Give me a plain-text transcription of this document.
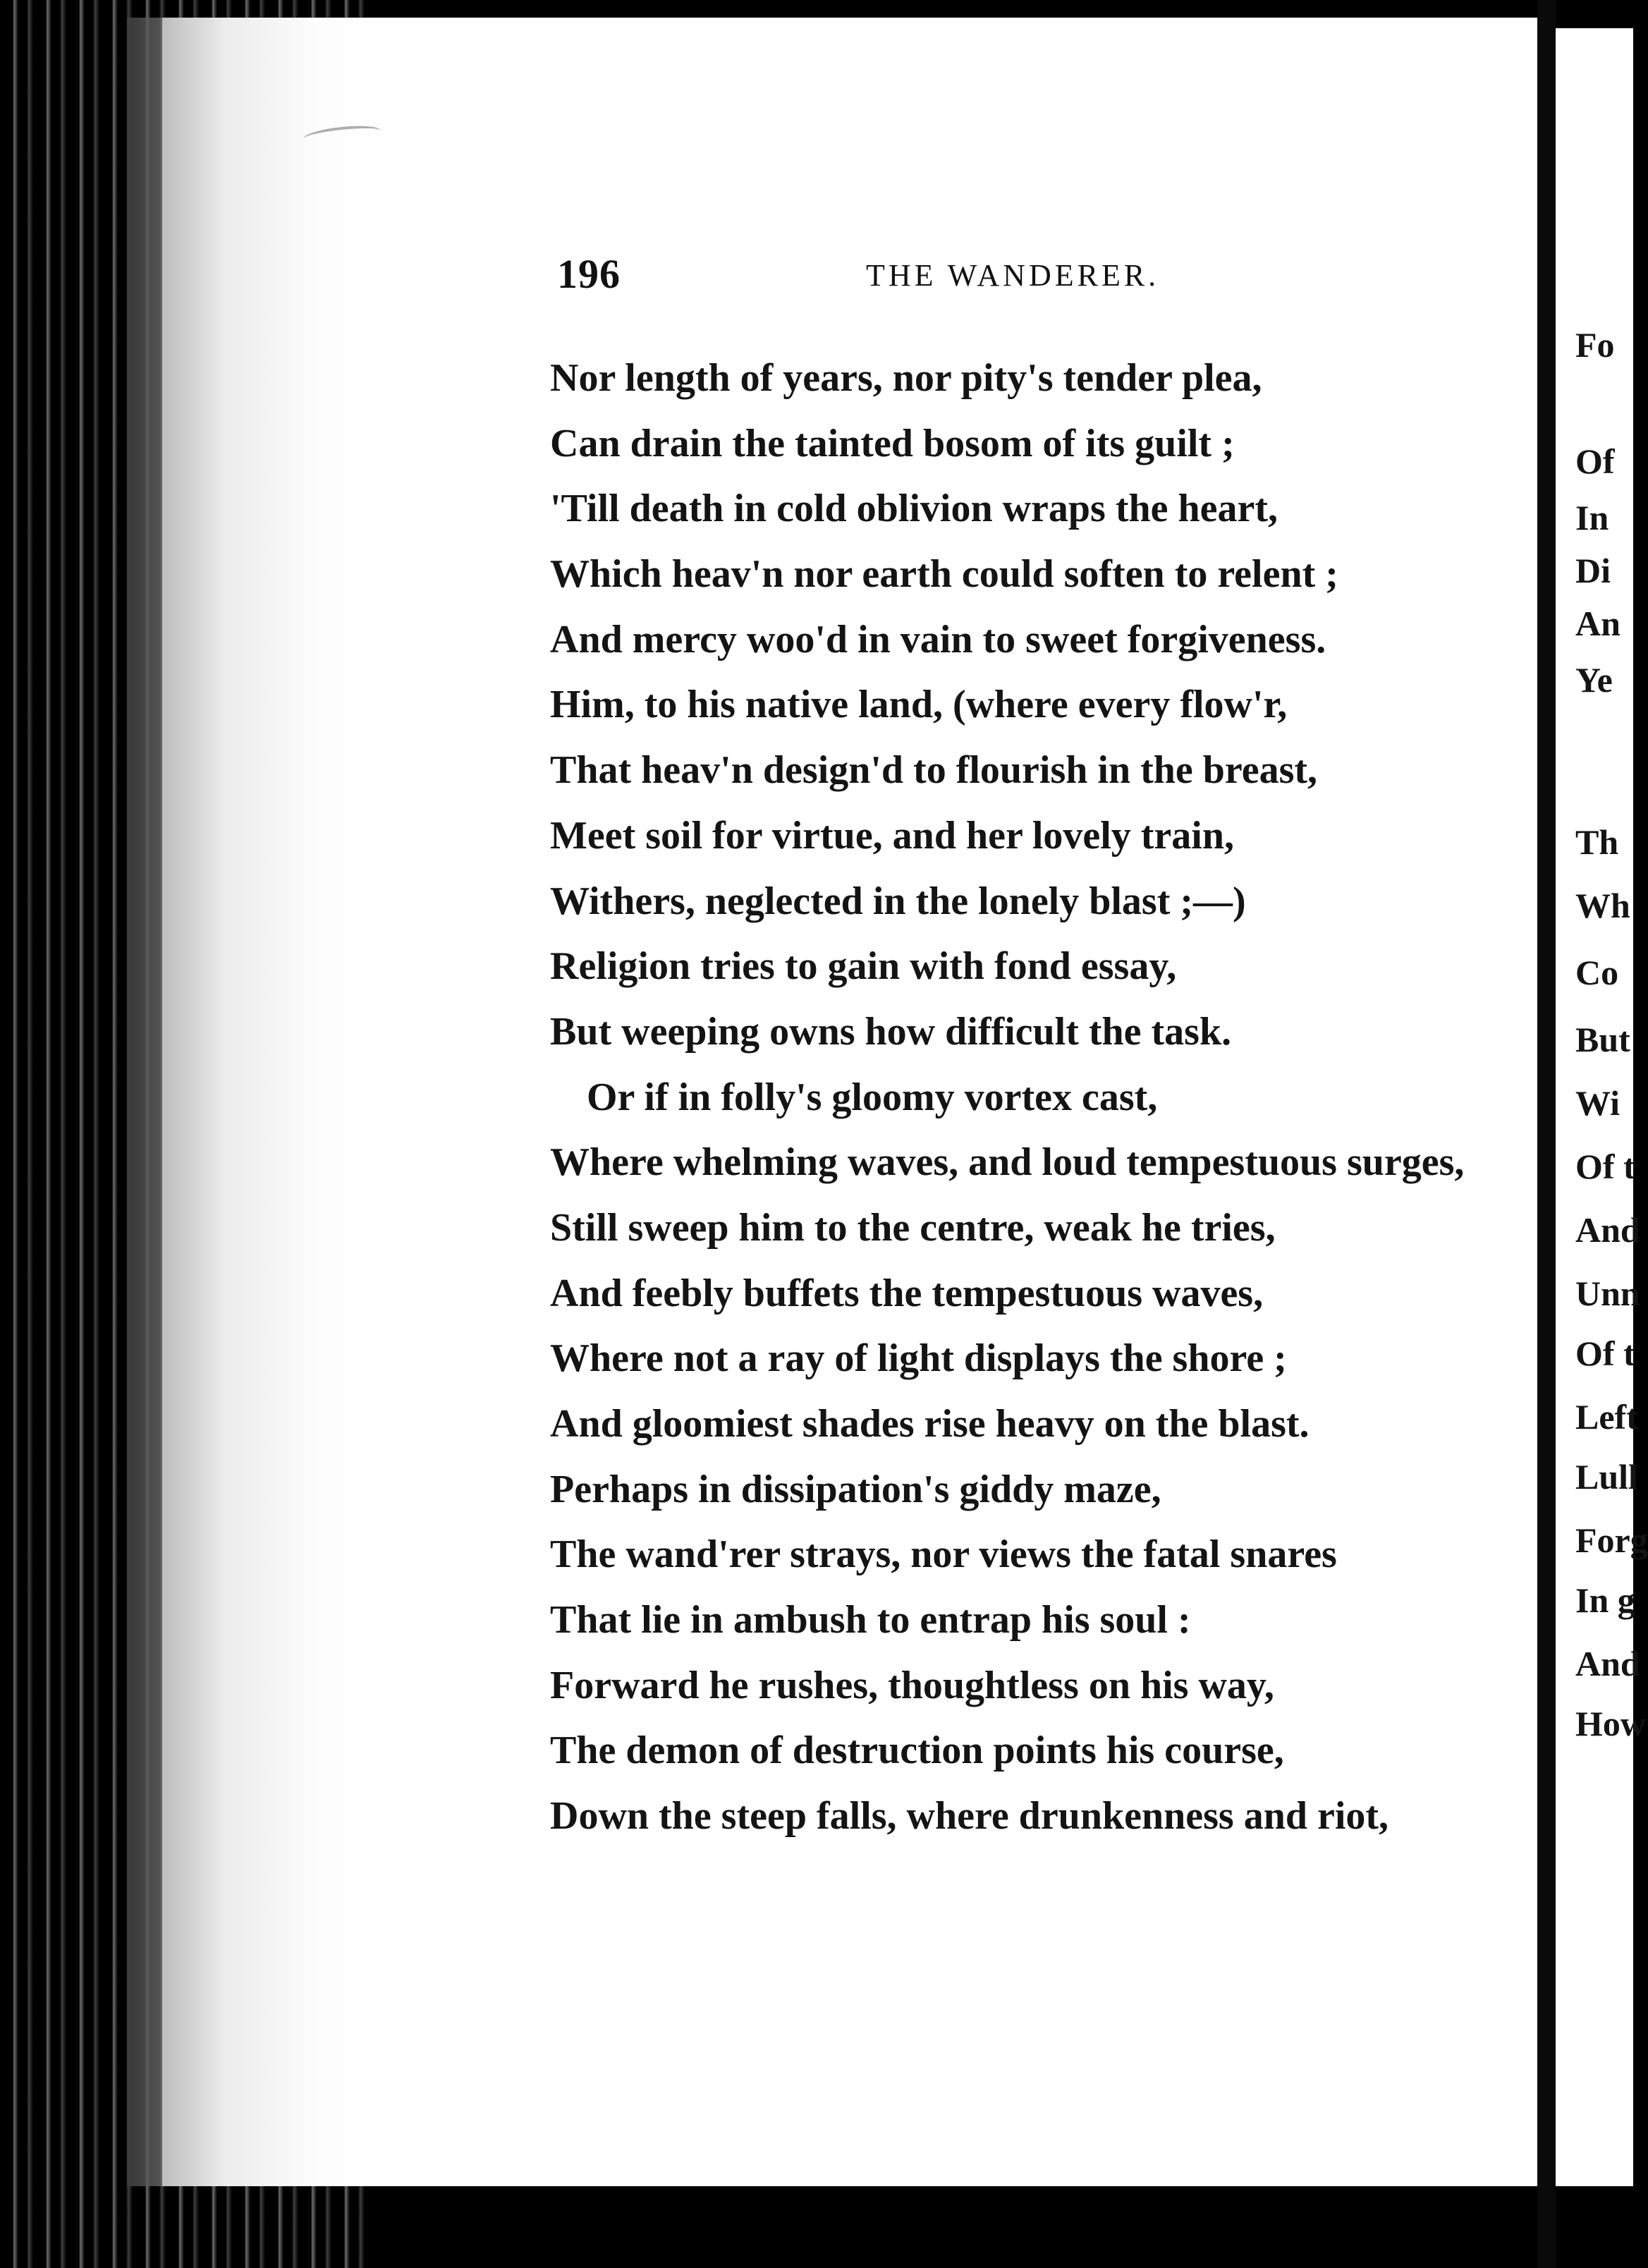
Fo
Of
In
Di
An
Ye
Th
Wh
Co
But
Wi
Of t
And
Unn
Of t
Left
Lull
Forg
In g
And
How
196	THE WANDERER.
Nor length of years, nor pity's tender plea,
Can drain the tainted bosom of its guilt ;
'Till death in cold oblivion wraps the heart,
Which heav'n nor earth could soften to relent ;
And mercy woo'd in vain to sweet forgiveness.
Him, to his native land, (where every flow'r,
That heav'n design'd to flourish in the breast,
Meet soil for virtue, and her lovely train,
Withers, neglected in the lonely blast ;—)
Religion tries to gain with fond essay,
But weeping owns how difficult the task.
Or if in folly's gloomy vortex cast,
Where whelming waves, and loud tempestuous surges,
Still sweep him to the centre, weak he tries,
And feebly buffets the tempestuous waves,
Where not a ray of light displays the shore ;
And gloomiest shades rise heavy on the blast.
Perhaps in dissipation's giddy maze,
The wand'rer strays, nor views the fatal snares
That lie in ambush to entrap his soul :
Forward he rushes, thoughtless on his way,
The demon of destruction points his course,
Down the steep falls, where drunkenness and riot,
